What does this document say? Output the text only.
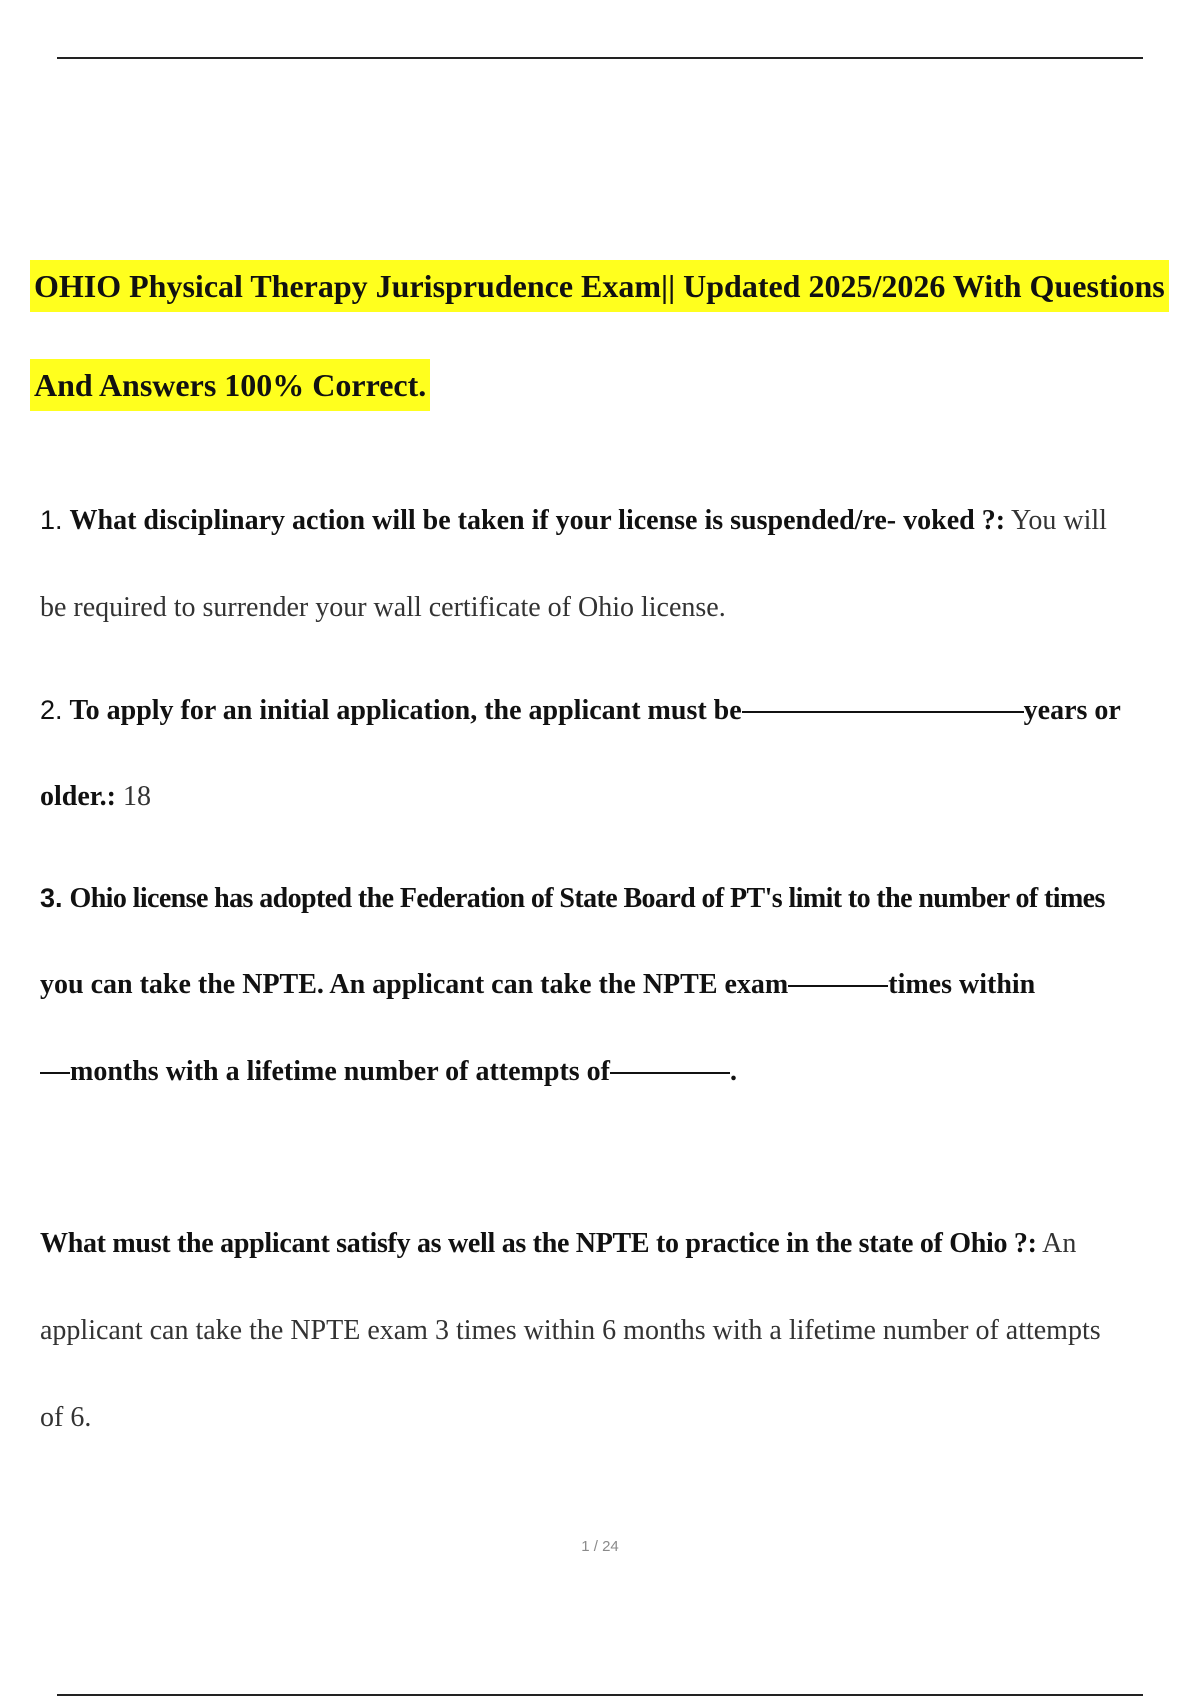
OHIO Physical Therapy Jurisprudence Exam|| Updated 2025/2026 With Questions
And Answers 100% Correct.
1. What disciplinary action will be taken if your license is suspended/re- voked ?: You will
be required to surrender your wall certificate of Ohio license.
2. To apply for an initial application, the applicant must be	years or
older.: 18
3. Ohio license has adopted the Federation of State Board of PT's limit to the number of times
you can take the NPTE. An applicant can take the NPTE exam	times within
months with a lifetime number of attempts of	.
What must the applicant satisfy as well as the NPTE to practice in the state of Ohio ?: An
applicant can take the NPTE exam 3 times within 6 months with a lifetime number of attempts
of 6.
1 / 24
